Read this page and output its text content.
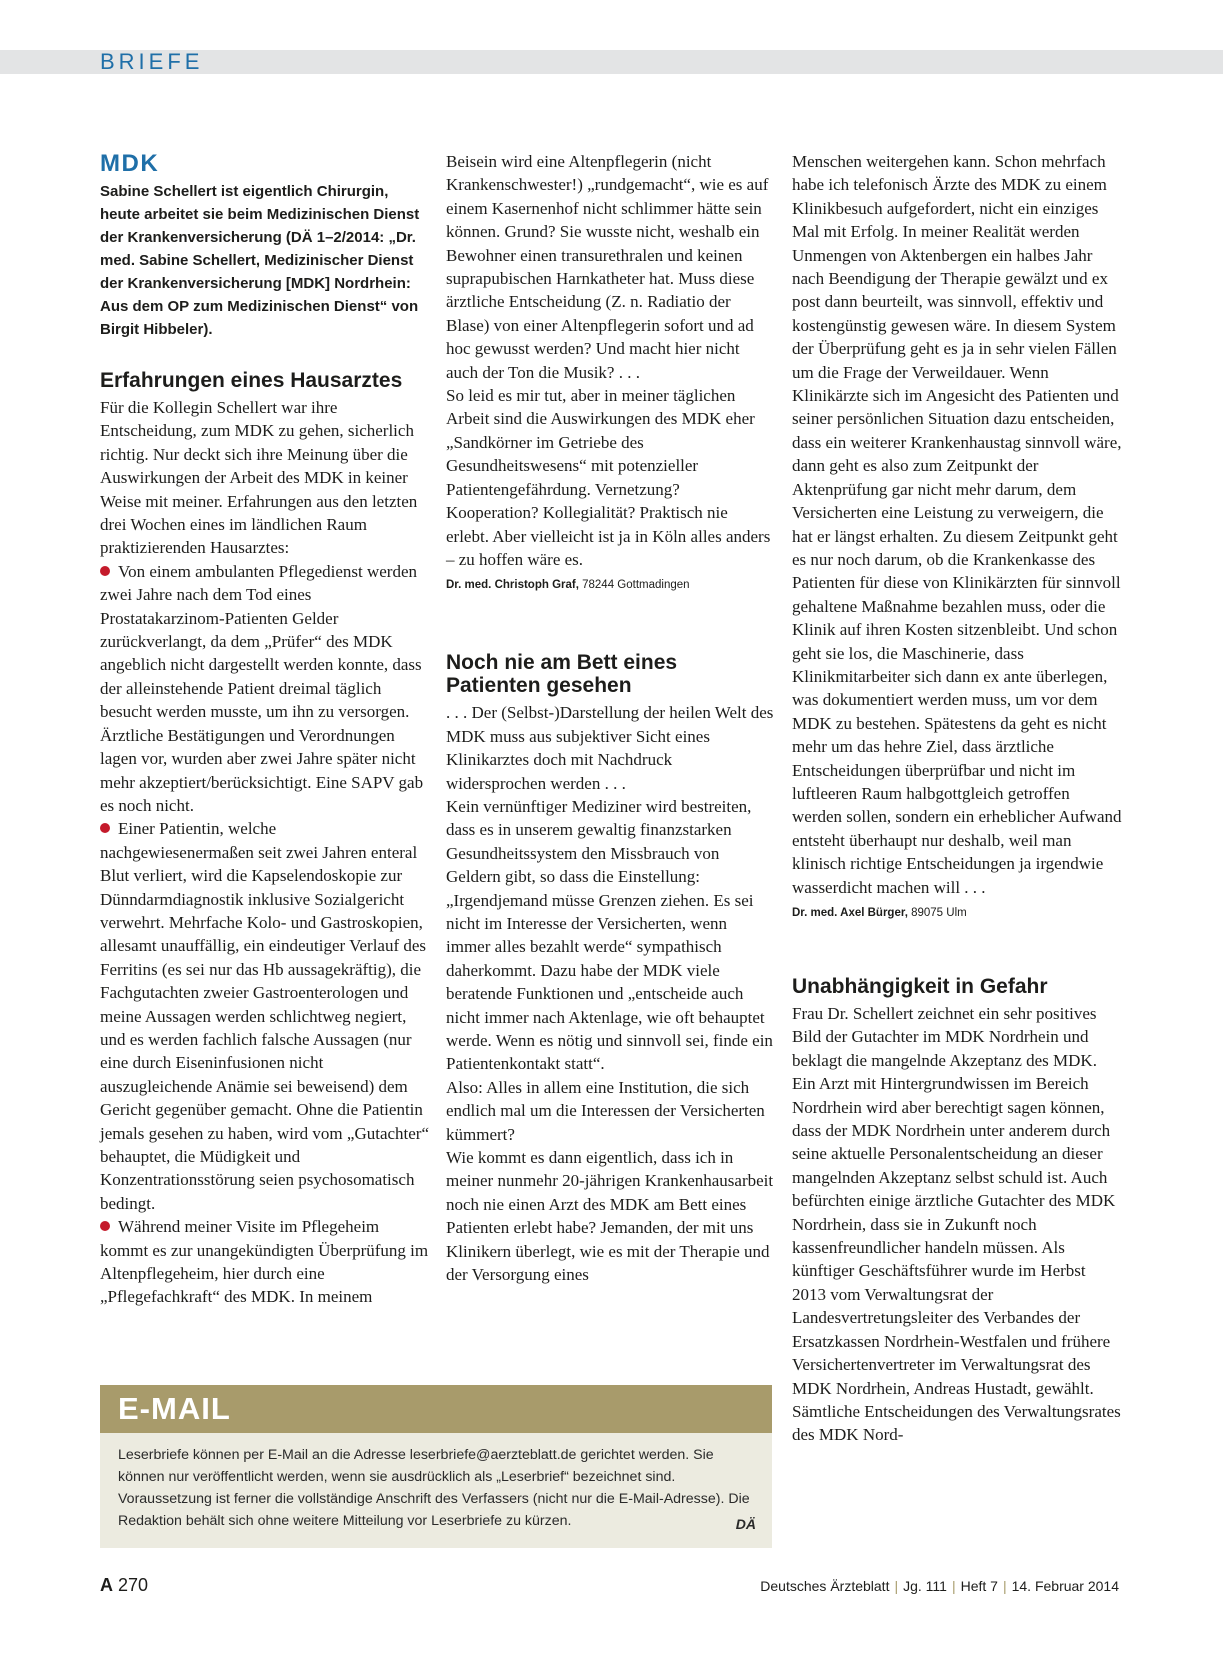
BRIEFE
MDK

Sabine Schellert ist eigentlich Chirurgin, heute arbeitet sie beim Medizinischen Dienst der Krankenversicherung (DÄ 1–2/2014: „Dr. med. Sabine Schellert, Medizinischer Dienst der Krankenversicherung [MDK] Nordrhein: Aus dem OP zum Medizinischen Dienst“ von Birgit Hibbeler).

Erfahrungen eines Hausarztes

Für die Kollegin Schellert war ihre Entscheidung, zum MDK zu gehen, sicherlich richtig. Nur deckt sich ihre Meinung über die Auswirkungen der Arbeit des MDK in keiner Weise mit meiner. Erfahrungen aus den letzten drei Wochen eines im ländlichen Raum praktizierenden Hausarztes:

Von einem ambulanten Pflegedienst werden zwei Jahre nach dem Tod eines Prostatakarzinom-Patienten Gelder zurückverlangt, da dem „Prüfer“ des MDK angeblich nicht dargestellt werden konnte, dass der alleinstehende Patient dreimal täglich besucht werden musste, um ihn zu versorgen. Ärztliche Bestätigungen und Verordnungen lagen vor, wurden aber zwei Jahre später nicht mehr akzeptiert/berücksichtigt. Eine SAPV gab es noch nicht.

Einer Patientin, welche nachgewiesenermaßen seit zwei Jahren enteral Blut verliert, wird die Kapselendoskopie zur Dünndarmdiagnostik inklusive Sozialgericht verwehrt. Mehrfache Kolo- und Gastroskopien, allesamt unauffällig, ein eindeutiger Verlauf des Ferritins (es sei nur das Hb aussagekräftig), die Fachgutachten zweier Gastroenterologen und meine Aussagen werden schlichtweg negiert, und es werden fachlich falsche Aussagen (nur eine durch Eiseninfusionen nicht auszugleichende Anämie sei beweisend) dem Gericht gegenüber gemacht. Ohne die Patientin jemals gesehen zu haben, wird vom „Gutachter“ behauptet, die Müdigkeit und Konzentrationsstörung seien psychosomatisch bedingt.

Während meiner Visite im Pflegeheim kommt es zur unangekündigten Überprüfung im Altenpflegeheim, hier durch eine „Pflegefachkraft“ des MDK. In meinem

Beisein wird eine Altenpflegerin (nicht Krankenschwester!) „rundgemacht“, wie es auf einem Kasernenhof nicht schlimmer hätte sein können. Grund? Sie wusste nicht, weshalb ein Bewohner einen transurethralen und keinen suprapubischen Harnkatheter hat. Muss diese ärztliche Entscheidung (Z. n. Radiatio der Blase) von einer Altenpflegerin sofort und ad hoc gewusst werden? Und macht hier nicht auch der Ton die Musik? . . .

So leid es mir tut, aber in meiner täglichen Arbeit sind die Auswirkungen des MDK eher „Sandkörner im Getriebe des Gesundheitswesens“ mit potenzieller Patientengefährdung. Vernetzung? Kooperation? Kollegialität? Praktisch nie erlebt. Aber vielleicht ist ja in Köln alles anders – zu hoffen wäre es.

Dr. med. Christoph Graf, 78244 Gottmadingen

Noch nie am Bett eines Patienten gesehen

. . . Der (Selbst-)Darstellung der heilen Welt des MDK muss aus subjektiver Sicht eines Klinikarztes doch mit Nachdruck widersprochen werden . . .

Kein vernünftiger Mediziner wird bestreiten, dass es in unserem gewaltig finanzstarken Gesundheitssystem den Missbrauch von Geldern gibt, so dass die Einstellung: „Irgendjemand müsse Grenzen ziehen. Es sei nicht im Interesse der Versicherten, wenn immer alles bezahlt werde“ sympathisch daherkommt. Dazu habe der MDK viele beratende Funktionen und „entscheide auch nicht immer nach Aktenlage, wie oft behauptet werde. Wenn es nötig und sinnvoll sei, finde ein Patientenkontakt statt“.

Also: Alles in allem eine Institution, die sich endlich mal um die Interessen der Versicherten kümmert?

Wie kommt es dann eigentlich, dass ich in meiner nunmehr 20-jährigen Krankenhausarbeit noch nie einen Arzt des MDK am Bett eines Patienten erlebt habe? Jemanden, der mit uns Klinikern überlegt, wie es mit der Therapie und der Versorgung eines

Menschen weitergehen kann. Schon mehrfach habe ich telefonisch Ärzte des MDK zu einem Klinikbesuch aufgefordert, nicht ein einziges Mal mit Erfolg. In meiner Realität werden Unmengen von Aktenbergen ein halbes Jahr nach Beendigung der Therapie gewälzt und ex post dann beurteilt, was sinnvoll, effektiv und kostengünstig gewesen wäre. In diesem System der Überprüfung geht es ja in sehr vielen Fällen um die Frage der Verweildauer. Wenn Klinikärzte sich im Angesicht des Patienten und seiner persönlichen Situation dazu entscheiden, dass ein weiterer Krankenhaustag sinnvoll wäre, dann geht es also zum Zeitpunkt der Aktenprüfung gar nicht mehr darum, dem Versicherten eine Leistung zu verweigern, die hat er längst erhalten. Zu diesem Zeitpunkt geht es nur noch darum, ob die Krankenkasse des Patienten für diese von Klinikärzten für sinnvoll gehaltene Maßnahme bezahlen muss, oder die Klinik auf ihren Kosten sitzenbleibt. Und schon geht sie los, die Maschinerie, dass Klinikmitarbeiter sich dann ex ante überlegen, was dokumentiert werden muss, um vor dem MDK zu bestehen. Spätestens da geht es nicht mehr um das hehre Ziel, dass ärztliche Entscheidungen überprüfbar und nicht im luftleeren Raum halbgottgleich getroffen werden sollen, sondern ein erheblicher Aufwand entsteht überhaupt nur deshalb, weil man klinisch richtige Entscheidungen ja irgendwie wasserdicht machen will . . .

Dr. med. Axel Bürger, 89075 Ulm

Unabhängigkeit in Gefahr

Frau Dr. Schellert zeichnet ein sehr positives Bild der Gutachter im MDK Nordrhein und beklagt die mangelnde Akzeptanz des MDK. Ein Arzt mit Hintergrundwissen im Bereich Nordrhein wird aber berechtigt sagen können, dass der MDK Nordrhein unter anderem durch seine aktuelle Personalentscheidung an dieser mangelnden Akzeptanz selbst schuld ist. Auch befürchten einige ärztliche Gutachter des MDK Nordrhein, dass sie in Zukunft noch kassenfreundlicher handeln müssen. Als künftiger Geschäftsführer wurde im Herbst 2013 vom Verwaltungsrat der Landesvertretungsleiter des Verbandes der Ersatzkassen Nordrhein-Westfalen und frühere Versichertenvertreter im Verwaltungsrat des MDK Nordrhein, Andreas Hustadt, gewählt. Sämtliche Entscheidungen des Verwaltungsrates des MDK Nord-

E-MAIL

Leserbriefe können per E-Mail an die Adresse leserbriefe@aerzteblatt.de gerichtet werden. Sie können nur veröffentlicht werden, wenn sie ausdrücklich als „Leserbrief“ bezeichnet sind. Voraussetzung ist ferner die vollständige Anschrift des Verfassers (nicht nur die E-Mail-Adresse). Die Redaktion behält sich ohne weitere Mitteilung vor Leserbriefe zu kürzen.	DÄ
A 270	Deutsches Ärzteblatt | Jg. 111 | Heft 7 | 14. Februar 2014
